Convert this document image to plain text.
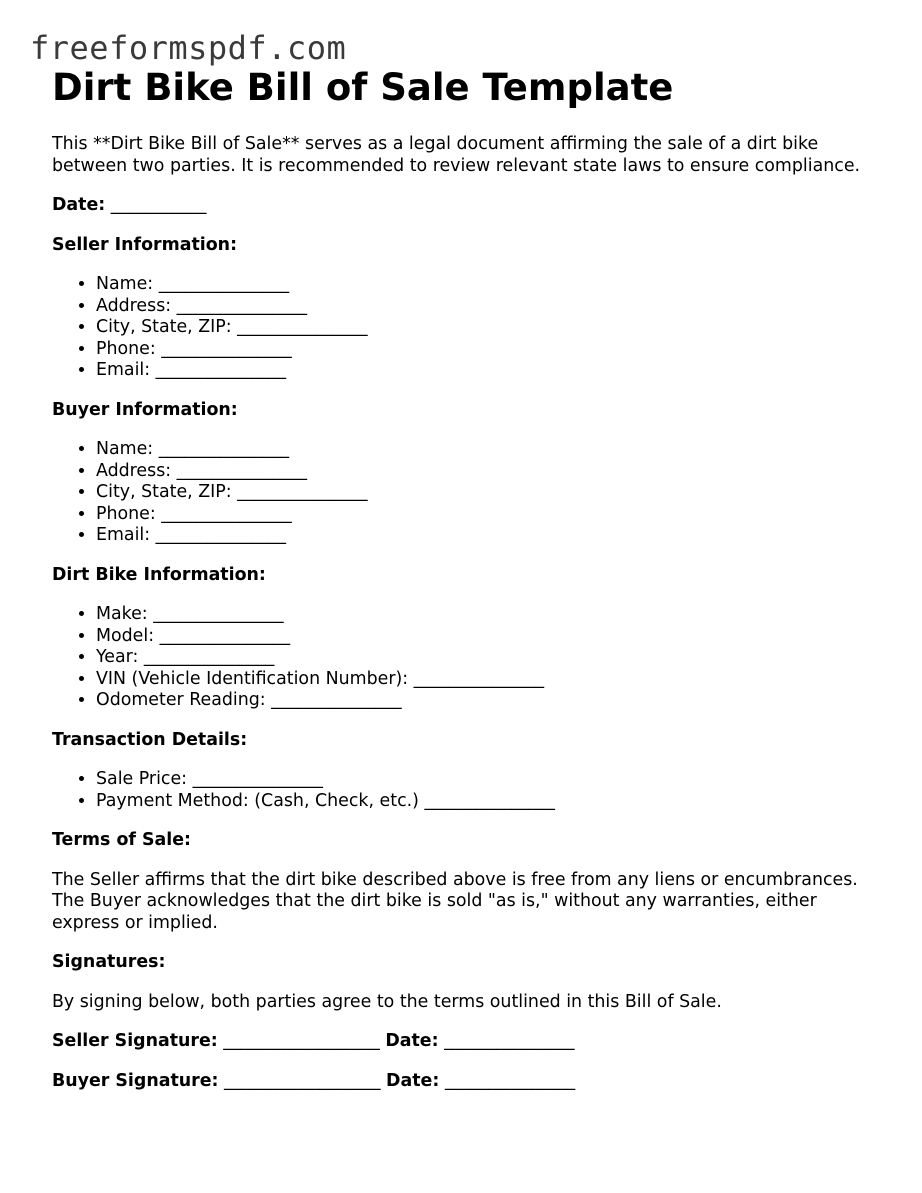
freeformspdf.com
Dirt Bike Bill of Sale Template

This **Dirt Bike Bill of Sale** serves as a legal document affirming the sale of a dirt bike between two parties. It is recommended to review relevant state laws to ensure compliance.

Date: ___________
Seller Information:
• Name: _______________
• Address: _______________
• City, State, ZIP: _______________
• Phone: _______________
• Email: _______________
Buyer Information:
• Name: _______________
• Address: _______________
• City, State, ZIP: _______________
• Phone: _______________
• Email: _______________
Dirt Bike Information:
• Make: _______________
• Model: _______________
• Year: _______________
• VIN (Vehicle Identification Number): _______________
• Odometer Reading: _______________
Transaction Details:
• Sale Price: _______________
• Payment Method: (Cash, Check, etc.) _______________
Terms of Sale:

The Seller affirms that the dirt bike described above is free from any liens or encumbrances. The Buyer acknowledges that the dirt bike is sold "as is," without any warranties, either express or implied.

Signatures:

By signing below, both parties agree to the terms outlined in this Bill of Sale.

Seller Signature: __________________ Date: _______________
Buyer Signature: __________________ Date: _______________
